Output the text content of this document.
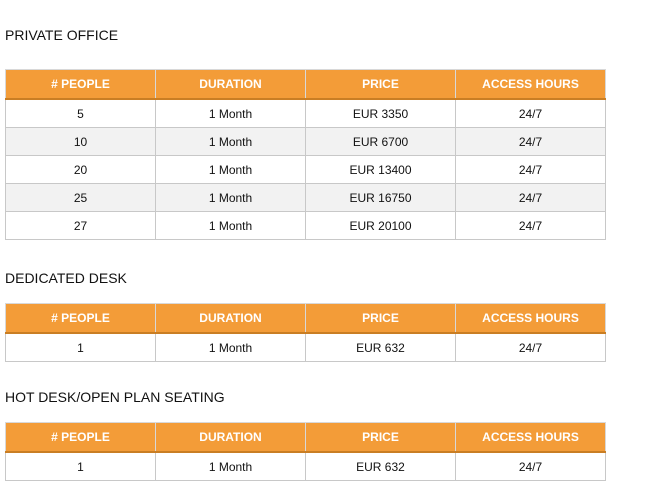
PRIVATE OFFICE
# PEOPLE	DURATION	PRICE	ACCESS HOURS
5	1 Month	EUR 3350	24/7
10	1 Month	EUR 6700	24/7
20	1 Month	EUR 13400	24/7
25	1 Month	EUR 16750	24/7
27	1 Month	EUR 20100	24/7
DEDICATED DESK
# PEOPLE	DURATION	PRICE	ACCESS HOURS
1	1 Month	EUR 632	24/7
HOT DESK/OPEN PLAN SEATING
# PEOPLE	DURATION	PRICE	ACCESS HOURS
1	1 Month	EUR 632	24/7
